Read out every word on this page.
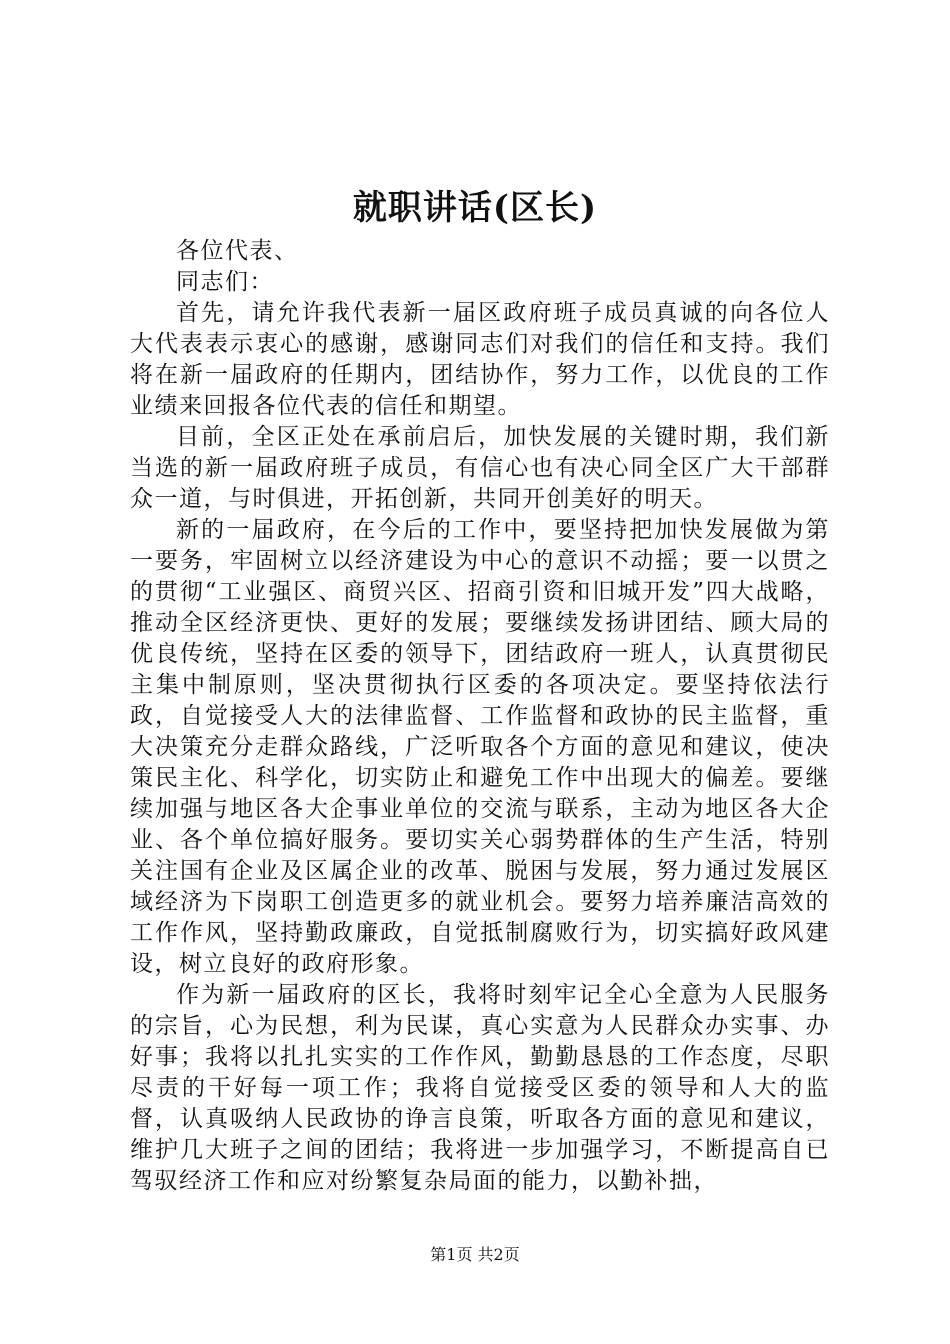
就职讲话(区长)

各位代表、

同志们：

首先，请允许我代表新一届区政府班子成员真诚的向各位人大代表表示衷心的感谢，感谢同志们对我们的信任和支持。我们将在新一届政府的任期内，团结协作，努力工作，以优良的工作业绩来回报各位代表的信任和期望。

目前，全区正处在承前启后，加快发展的关键时期，我们新当选的新一届政府班子成员，有信心也有决心同全区广大干部群众一道，与时俱进，开拓创新，共同开创美好的明天。

新的一届政府，在今后的工作中，要坚持把加快发展做为第一要务，牢固树立以经济建设为中心的意识不动摇；要一以贯之的贯彻“工业强区、商贸兴区、招商引资和旧城开发”四大战略，推动全区经济更快、更好的发展；要继续发扬讲团结、顾大局的优良传统，坚持在区委的领导下，团结政府一班人，认真贯彻民主集中制原则，坚决贯彻执行区委的各项决定。要坚持依法行政，自觉接受人大的法律监督、工作监督和政协的民主监督，重大决策充分走群众路线，广泛听取各个方面的意见和建议，使决策民主化、科学化，切实防止和避免工作中出现大的偏差。要继续加强与地区各大企事业单位的交流与联系，主动为地区各大企业、各个单位搞好服务。要切实关心弱势群体的生产生活，特别关注国有企业及区属企业的改革、脱困与发展，努力通过发展区域经济为下岗职工创造更多的就业机会。要努力培养廉洁高效的工作作风，坚持勤政廉政，自觉抵制腐败行为，切实搞好政风建设，树立良好的政府形象。

作为新一届政府的区长，我将时刻牢记全心全意为人民服务的宗旨，心为民想，利为民谋，真心实意为人民群众办实事、办好事；我将以扎扎实实的工作作风，勤勤恳恳的工作态度，尽职尽责的干好每一项工作；我将自觉接受区委的领导和人大的监督，认真吸纳人民政协的诤言良策，听取各方面的意见和建议，维护几大班子之间的团结；我将进一步加强学习，不断提高自已驾驭经济工作和应对纷繁复杂局面的能力，以勤补拙，

第1页 共2页
